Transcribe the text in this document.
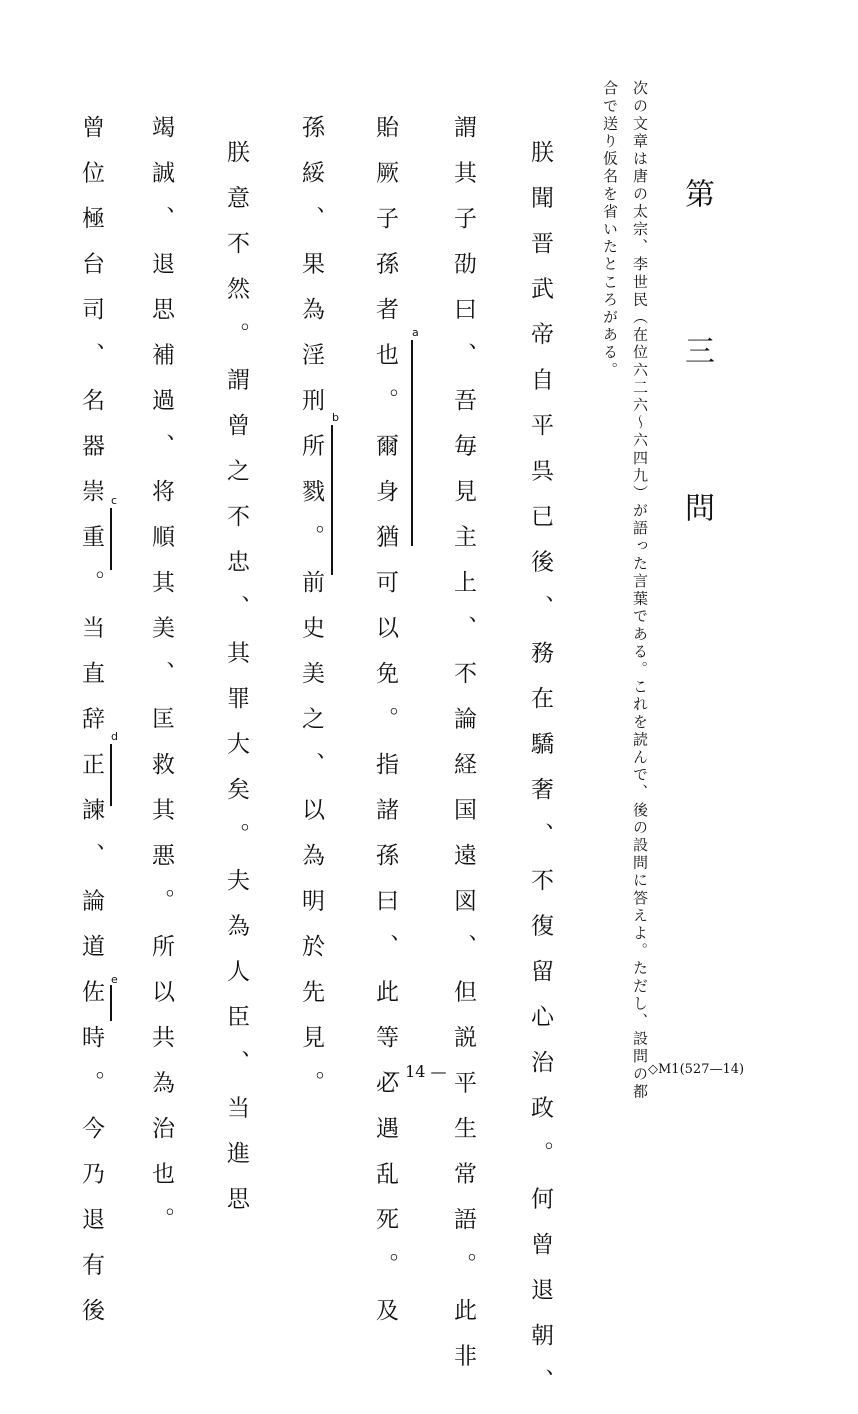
第 三 問
次の文章は唐の太宗、李世民（在位六二六～六四九）が語った言葉である。これを読んで、後の設問に答えよ。ただし、設問の都
合で送り仮名を省いたところがある。
朕聞晋武帝自平呉已後、務在驕奢、不復留心治政。何曾退朝、
謂其子劭曰、吾毎見主上、不論経国遠図、但説平生常語。此非
貽厥子孫者也。爾身猶可以免。指諸孫曰、此等必遇乱死。及
孫綏、果為淫刑所戮。前史美之、以為明於先見。
朕意不然。謂曾之不忠、其罪大矣。夫為人臣、当進思
竭誠、退思補過、将順其美、匡救其悪。所以共為治也。
曾位極台司、名器崇重。当直辞正諫、論道佐時。今乃退有後	a
b
c
d
e
— 14 —	◇M1(527—14)
